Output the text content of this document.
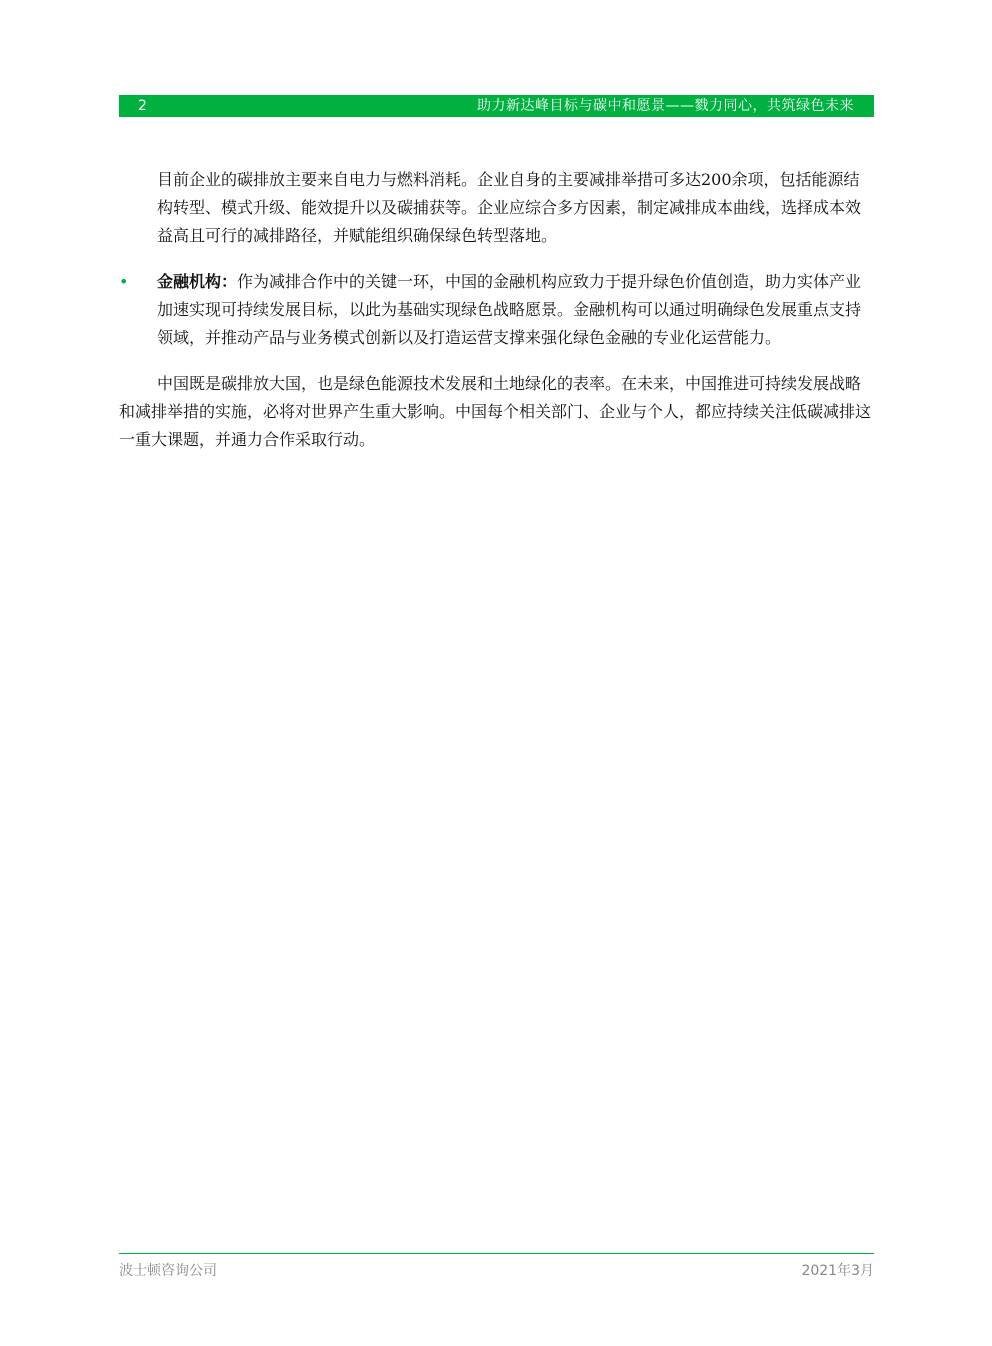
2	助力新达峰目标与碳中和愿景——戮力同心，共筑绿色未来

目前企业的碳排放主要来自电力与燃料消耗。企业自身的主要减排举措可多达200余项，包括能源结构转型、模式升级、能效提升以及碳捕获等。企业应综合多方因素，制定减排成本曲线，选择成本效益高且可行的减排路径，并赋能组织确保绿色转型落地。

• 金融机构：作为减排合作中的关键一环，中国的金融机构应致力于提升绿色价值创造，助力实体产业加速实现可持续发展目标，以此为基础实现绿色战略愿景。金融机构可以通过明确绿色发展重点支持领域，并推动产品与业务模式创新以及打造运营支撑来强化绿色金融的专业化运营能力。

中国既是碳排放大国，也是绿色能源技术发展和土地绿化的表率。在未来，中国推进可持续发展战略和减排举措的实施，必将对世界产生重大影响。中国每个相关部门、企业与个人，都应持续关注低碳减排这一重大课题，并通力合作采取行动。

波士顿咨询公司	2021年3月
